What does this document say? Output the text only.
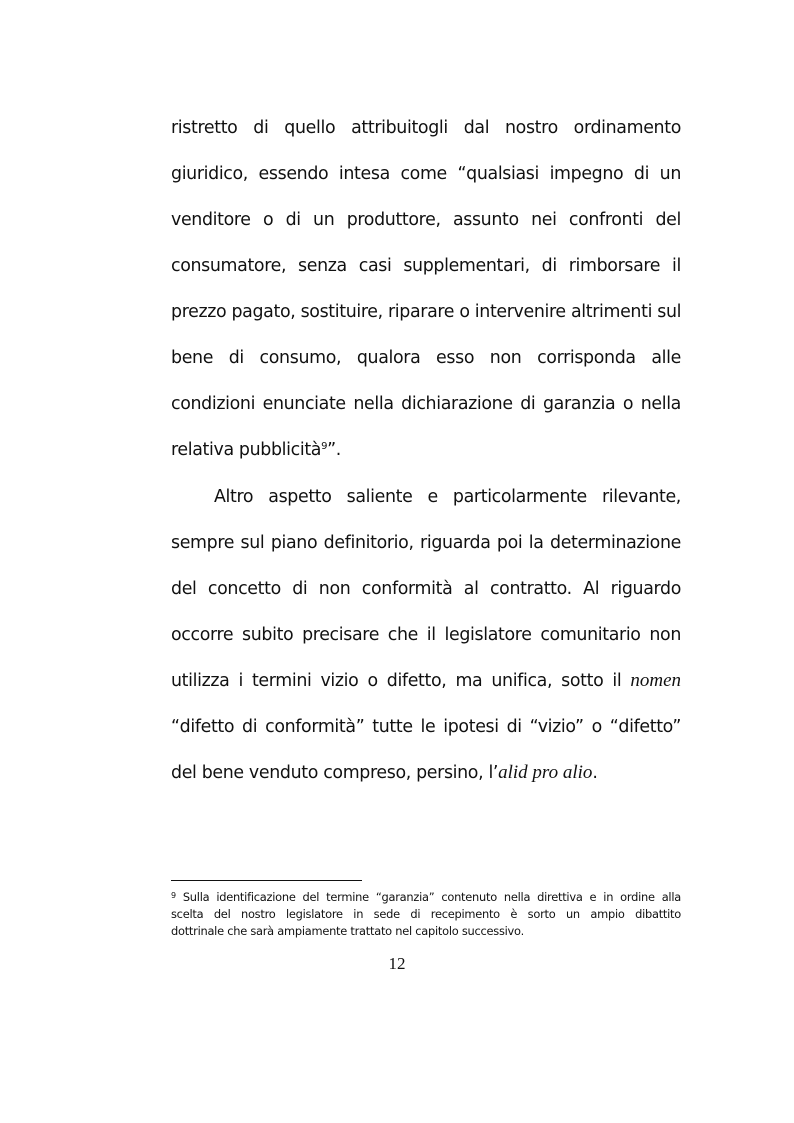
ristretto di quello attribuitogli dal nostro ordinamento
giuridico, essendo intesa come “qualsiasi impegno di un
venditore o di un produttore, assunto nei confronti del
consumatore, senza casi supplementari, di rimborsare il
prezzo pagato, sostituire, riparare o intervenire altrimenti sul
bene di consumo, qualora esso non corrisponda alle
condizioni enunciate nella dichiarazione di garanzia o nella
relativa pubblicità$^9$”.
Altro aspetto saliente e particolarmente rilevante,
sempre sul piano definitorio, riguarda poi la determinazione
del concetto di non conformità al contratto. Al riguardo
occorre subito precisare che il legislatore comunitario non
utilizza i termini vizio o difetto, ma unifica, sotto il nomen
“difetto di conformità” tutte le ipotesi di “vizio” o “difetto”
del bene venduto compreso, persino, l’alid pro alio.
$^9$ Sulla identificazione del termine “garanzia” contenuto nella direttiva e in ordine alla
scelta del nostro legislatore in sede di recepimento è sorto un ampio dibattito
dottrinale che sarà ampiamente trattato nel capitolo successivo.
12
